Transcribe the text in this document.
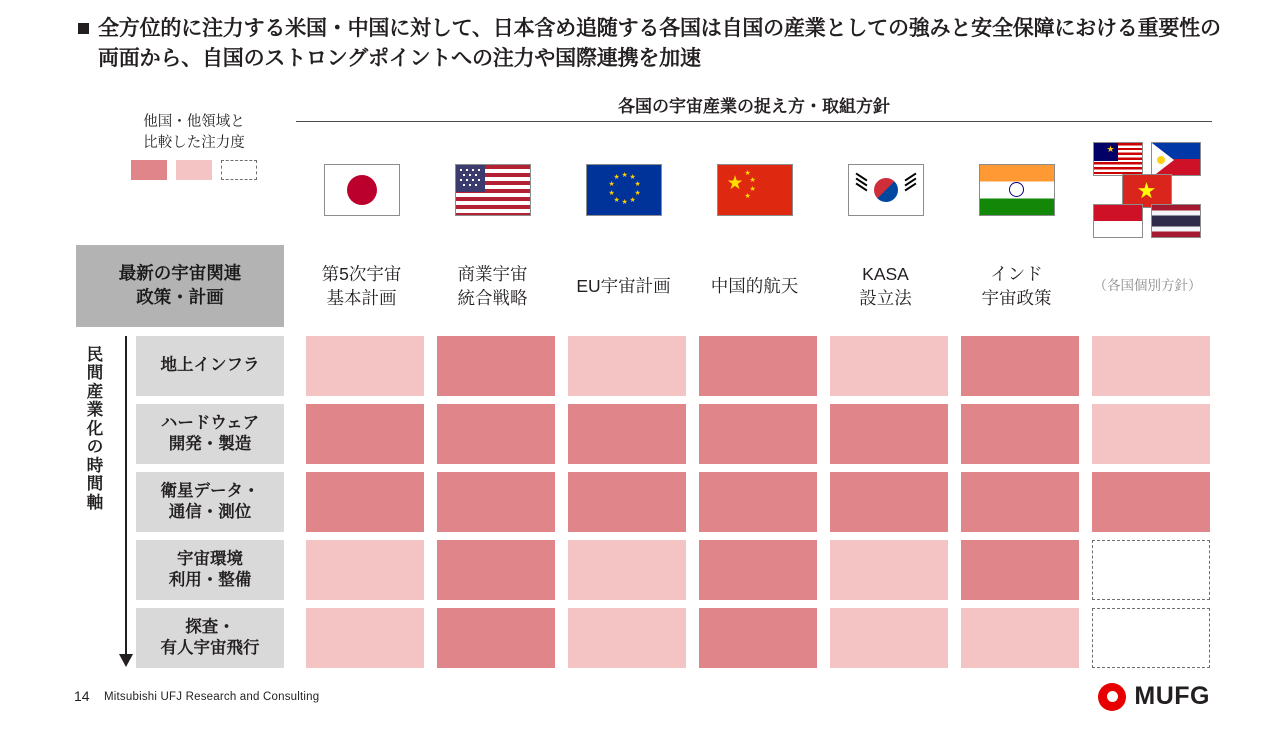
全方位的に注力する米国・中国に対して、日本含め追随する各国は自国の産業としての強みと安全保障における重要性の両面から、自国のストロングポイントへの注力や国際連携を加速
各国の宇宙産業の捉え方・取組方針
他国・他領域と
比較した注力度
★ ★
★
★
★
★
★
★
★
★	★ ★
★
★
★
★
★
最新の宇宙関連
政策・計画
第5次宇宙
基本計画
商業宇宙
統合戦略
EU宇宙計画 中国的航天
KASA
設立法
インド
宇宙政策
（各国個別方針）
民
間
産
業
化
の
時
間
軸
地上インフラ
ハードウェア
開発・製造
衛星データ・
通信・測位
宇宙環境
利用・整備
探査・
有人宇宙飛行
14 Mitsubishi UFJ Research and Consulting	MUFG
